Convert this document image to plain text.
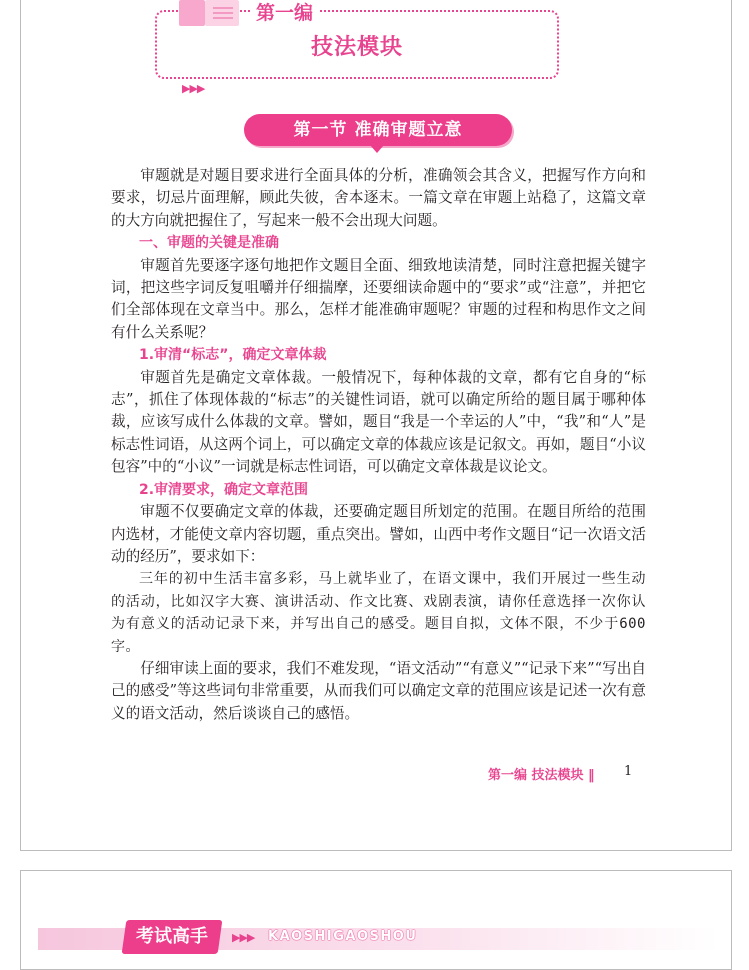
第一编
技法模块
▶▶▶
第一节 准确审题立意

审题就是对题目要求进行全面具体的分析，准确领会其含义，把握写作方向和要求，切忌片面理解，顾此失彼，舍本逐末。一篇文章在审题上站稳了，这篇文章的大方向就把握住了，写起来一般不会出现大问题。

一、审题的关键是准确

审题首先要逐字逐句地把作文题目全面、细致地读清楚，同时注意把握关键字词，把这些字词反复咀嚼并仔细揣摩，还要细读命题中的“要求”或“注意”，并把它们全部体现在文章当中。那么，怎样才能准确审题呢？审题的过程和构思作文之间有什么关系呢？

1.审清“标志”，确定文章体裁

审题首先是确定文章体裁。一般情况下，每种体裁的文章，都有它自身的“标志”，抓住了体现体裁的“标志”的关键性词语，就可以确定所给的题目属于哪种体裁，应该写成什么体裁的文章。譬如，题目“我是一个幸运的人”中，“我”和“人”是标志性词语，从这两个词上，可以确定文章的体裁应该是记叙文。再如，题目“小议包容”中的“小议”一词就是标志性词语，可以确定文章体裁是议论文。

2.审清要求，确定文章范围

审题不仅要确定文章的体裁，还要确定题目所划定的范围。在题目所给的范围内选材，才能使文章内容切题，重点突出。譬如，山西中考作文题目“记一次语文活动的经历”，要求如下：

三年的初中生活丰富多彩，马上就毕业了，在语文课中，我们开展过一些生动的活动，比如汉字大赛、演讲活动、作文比赛、戏剧表演，请你任意选择一次你认为有意义的活动记录下来，并写出自己的感受。题目自拟，文体不限，不少于600字。

仔细审读上面的要求，我们不难发现，“语文活动”“有意义”“记录下来”“写出自己的感受”等这些词句非常重要，从而我们可以确定文章的范围应该是记述一次有意义的语文活动，然后谈谈自己的感悟。

第一编 技法模块 ‖ 1
考试高手	▶▶▶ KAOSHIGAOSHOU
